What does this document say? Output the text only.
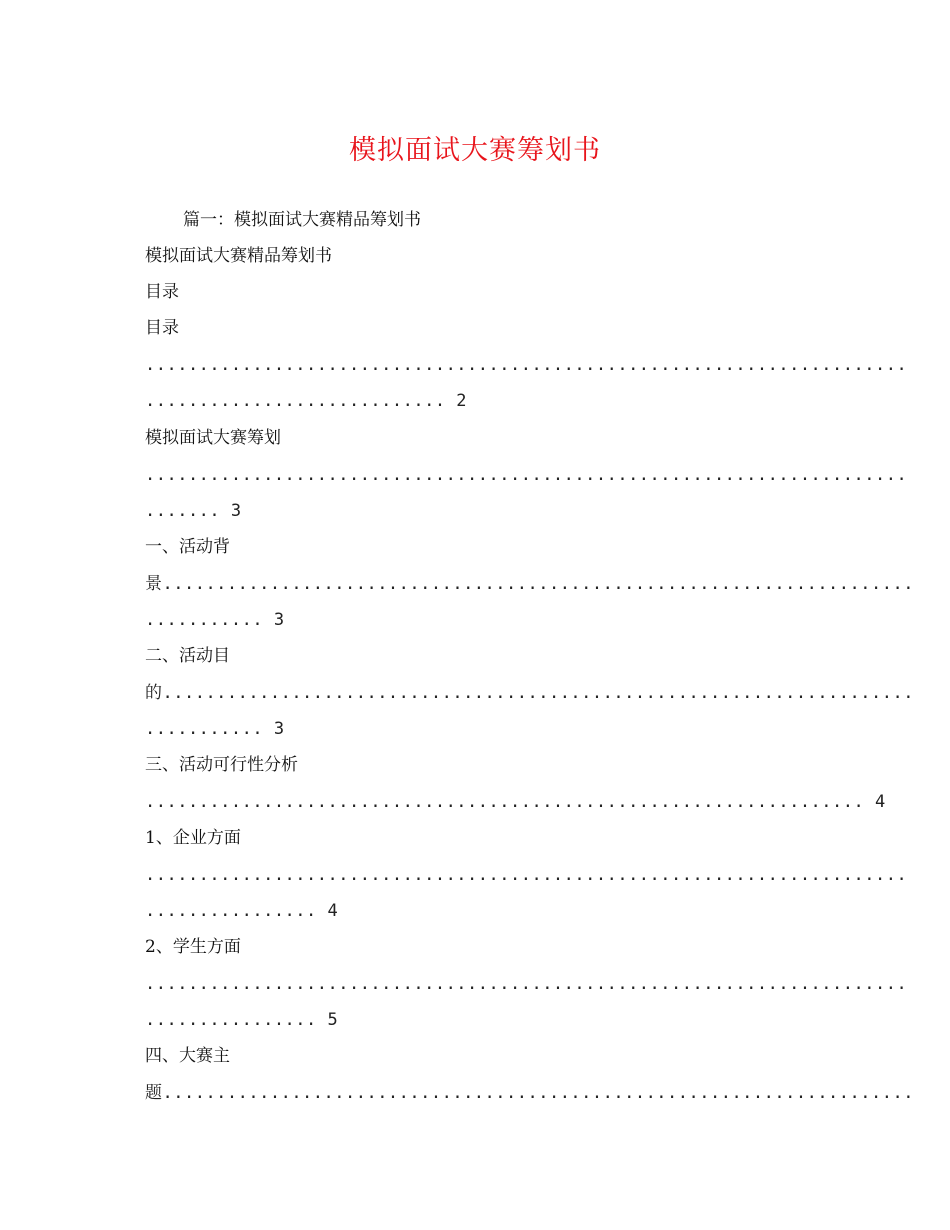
模拟面试大赛筹划书
篇一：模拟面试大赛精品筹划书
模拟面试大赛精品筹划书
目录
目录
.......................................................................
............................ 2
模拟面试大赛筹划
.......................................................................
....... 3
一、活动背
景......................................................................
........... 3
二、活动目
的......................................................................
........... 3
三、活动可行性分析
................................................................... 4
1、企业方面
.......................................................................
................ 4
2、学生方面
.......................................................................
................ 5
四、大赛主
题......................................................................
